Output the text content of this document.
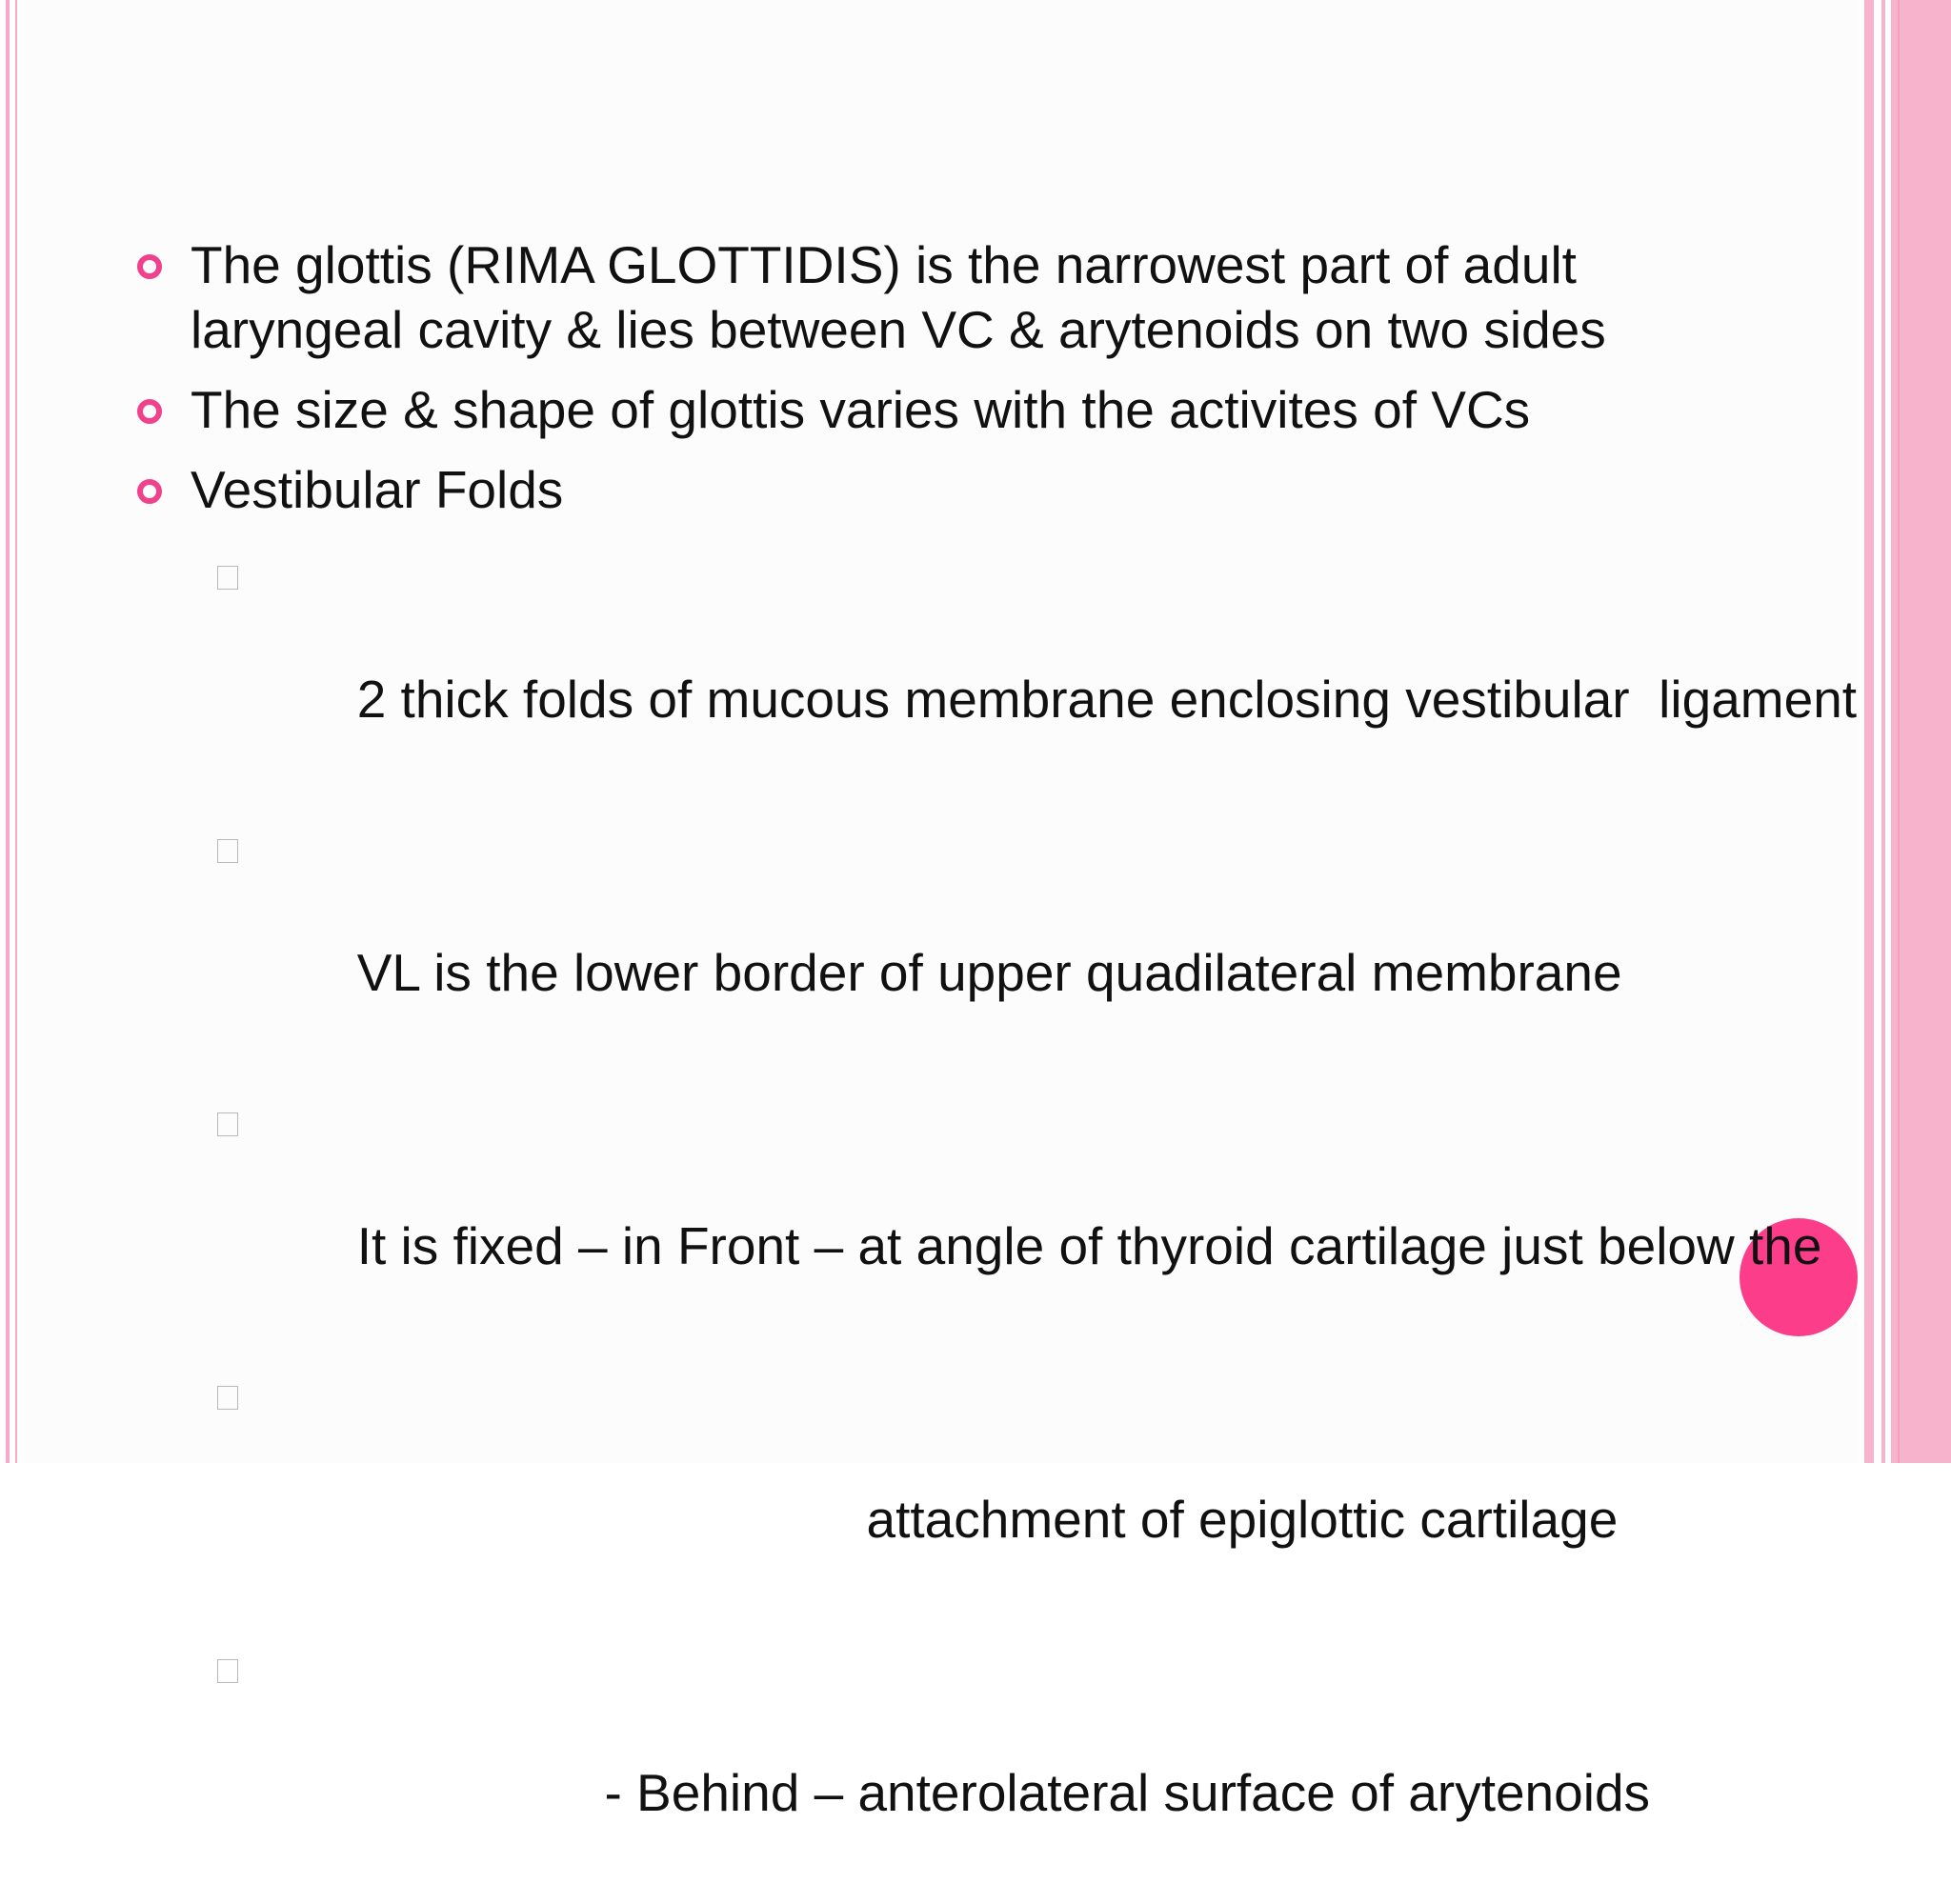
The glottis (RIMA GLOTTIDIS) is the narrowest part of adult
laryngeal cavity & lies between VC & arytenoids on two sides
The size & shape of glottis varies with the activites of VCs
Vestibular Folds

2 thick folds of mucous membrane enclosing vestibular  ligament

VL is the lower border of upper quadilateral membrane

It is fixed – in Front – at angle of thyroid cartilage just below the

attachment of epiglottic cartilage

- Behind – anterolateral surface of arytenoids
